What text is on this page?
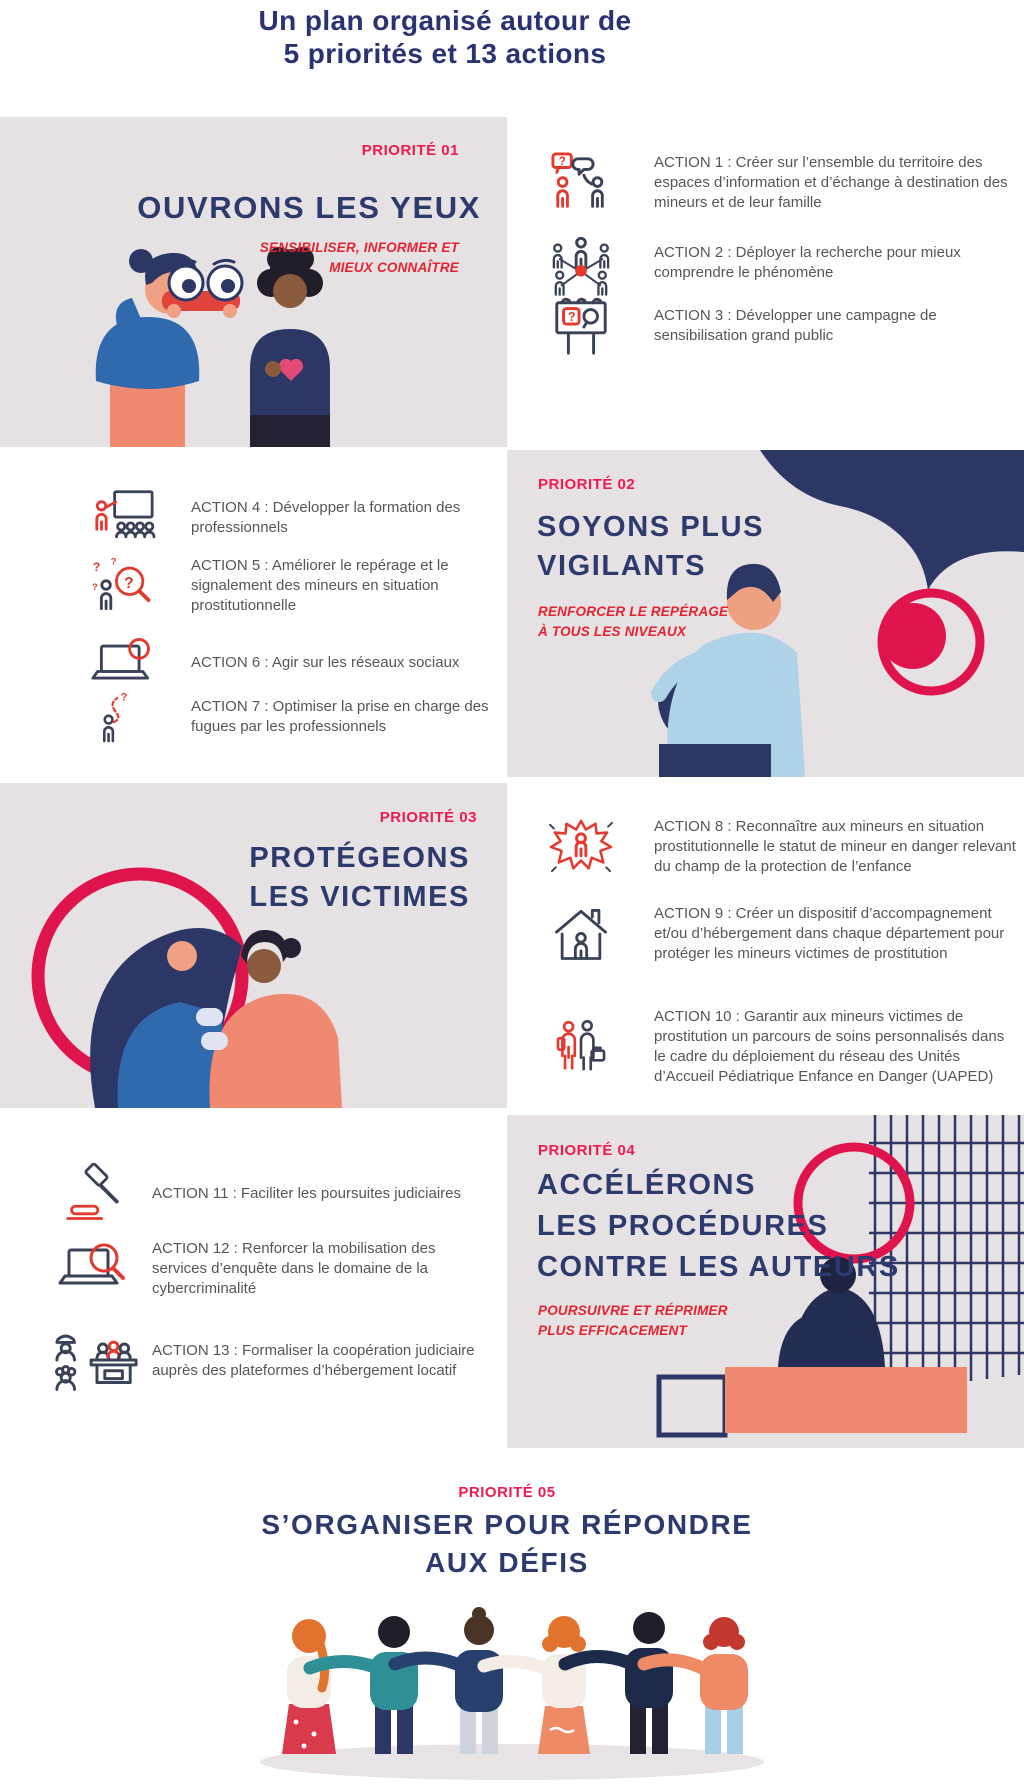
Un plan organisé autour de
5 priorités et 13 actions
PRIORITÉ 01
OUVRONS LES YEUX
SENSIBILISER, INFORMER ET
MIEUX CONNAÎTRE
PRIORITÉ 02
SOYONS PLUS
VIGILANTS
RENFORCER LE REPÉRAGE
À TOUS LES NIVEAUX
PRIORITÉ 03
PROTÉGEONS
LES VICTIMES
PRIORITÉ 04
ACCÉLÉRONS
LES PROCÉDURES
CONTRE LES AUTEURS
POURSUIVRE ET RÉPRIMER
PLUS EFFICACEMENT
PRIORITÉ 05
S’ORGANISER POUR RÉPONDRE
AUX DÉFIS
?	ACTION 1 : Créer sur l’ensemble du territoire des espaces d’information et d’échange à destination des mineurs et de leur famille

ACTION 2 : Déployer la recherche pour mieux comprendre le phénomène

?	ACTION 3 : Développer une campagne de sensibilisation grand public

ACTION 4 : Développer la formation des professionnels

? ?
? ?

ACTION 5 : Améliorer le repérage et le signalement des mineurs en situation prostitutionnelle

ACTION 6 : Agir sur les réseaux sociaux

?

ACTION 7 : Optimiser la prise en charge des fugues par les professionnels

ACTION 8 : Reconnaître aux mineurs en situation prostitutionnelle le statut de mineur en danger relevant du champ de la protection de l’enfance

ACTION 9 : Créer un dispositif d’accompagnement et/ou d’hébergement dans chaque département pour protéger les mineurs victimes de prostitution

ACTION 10 : Garantir aux mineurs victimes de prostitution un parcours de soins personnalisés dans le cadre du déploiement du réseau des Unités d’Accueil Pédiatrique Enfance en Danger (UAPED)

ACTION 11 : Faciliter les poursuites judiciaires

ACTION 12 : Renforcer la mobilisation des services d’enquête dans le domaine de la cybercriminalité

ACTION 13 : Formaliser la coopération judiciaire auprès des plateformes d’hébergement locatif
